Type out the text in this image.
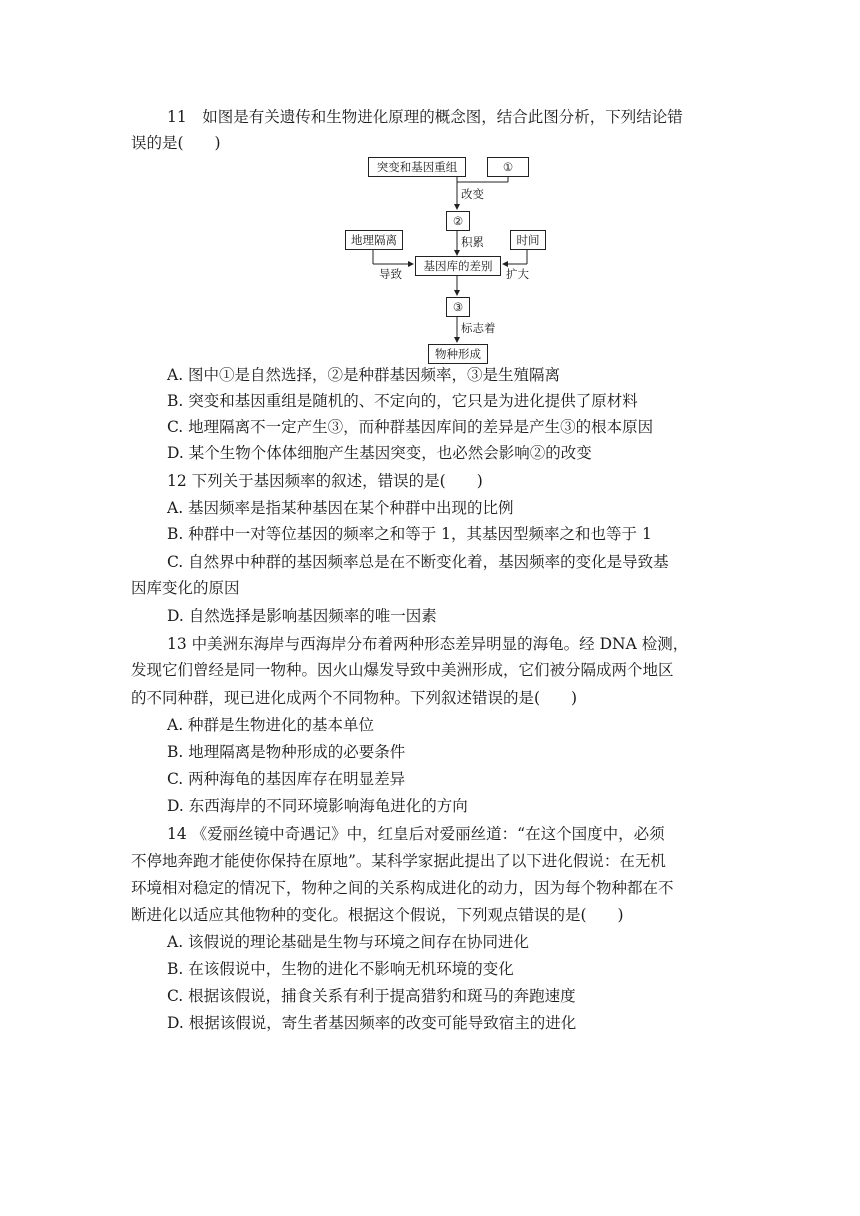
11　如图是有关遗传和生物进化原理的概念图，结合此图分析，下列结论错
误的是(　　)
突变和基因重组	①
改变
②
地理隔离	时间
积累
基因库的差别
导致	扩大
③
标志着
物种形成
A. 图中①是自然选择，②是种群基因频率，③是生殖隔离
B. 突变和基因重组是随机的、不定向的，它只是为进化提供了原材料
C. 地理隔离不一定产生③，而种群基因库间的差异是产生③的根本原因
D. 某个生物个体体细胞产生基因突变，也必然会影响②的改变
12 下列关于基因频率的叙述，错误的是(　　)
A. 基因频率是指某种基因在某个种群中出现的比例
B. 种群中一对等位基因的频率之和等于 1，其基因型频率之和也等于 1
C. 自然界中种群的基因频率总是在不断变化着，基因频率的变化是导致基
因库变化的原因
D. 自然选择是影响基因频率的唯一因素
13 中美洲东海岸与西海岸分布着两种形态差异明显的海龟。经 DNA 检测，
发现它们曾经是同一物种。因火山爆发导致中美洲形成，它们被分隔成两个地区
的不同种群，现已进化成两个不同物种。下列叙述错误的是(　　)
A. 种群是生物进化的基本单位
B. 地理隔离是物种形成的必要条件
C. 两种海龟的基因库存在明显差异
D. 东西海岸的不同环境影响海龟进化的方向
14 《爱丽丝镜中奇遇记》中，红皇后对爱丽丝道：“在这个国度中，必须
不停地奔跑才能使你保持在原地”。某科学家据此提出了以下进化假说：在无机
环境相对稳定的情况下，物种之间的关系构成进化的动力，因为每个物种都在不
断进化以适应其他物种的变化。根据这个假说，下列观点错误的是(　　)
A. 该假说的理论基础是生物与环境之间存在协同进化
B. 在该假说中，生物的进化不影响无机环境的变化
C. 根据该假说，捕食关系有利于提高猎豹和斑马的奔跑速度
D. 根据该假说，寄生者基因频率的改变可能导致宿主的进化
